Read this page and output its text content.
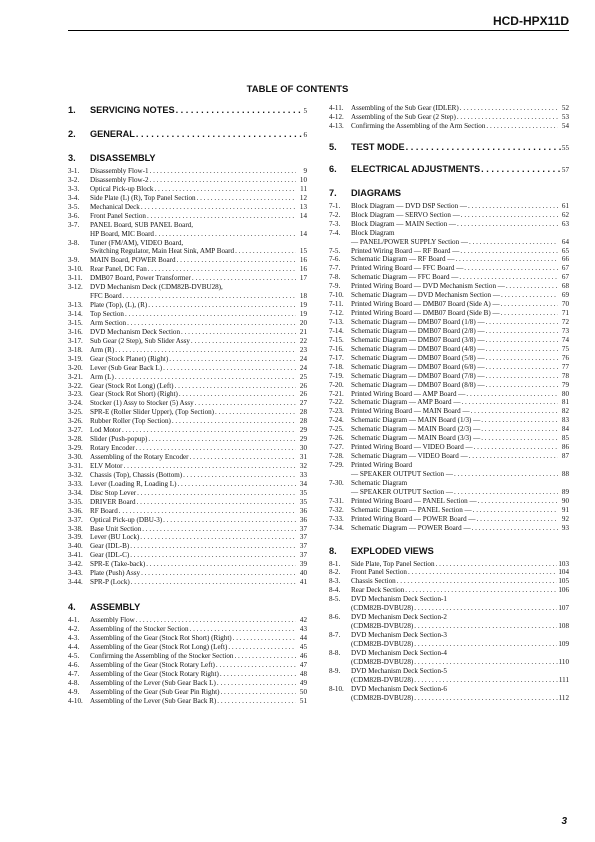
HCD-HPX11D
TABLE OF CONTENTS
1.	SERVICING NOTES . . .	5
2.	GENERAL . . .	6
3.	DISASSEMBLY
3-1.	Disassembly Flow-1 . . .	9
3-2.	Disassembly Flow-2 . . .	10
3-3.	Optical Pick-up Block . . .	11
3-4.	Side Plate (L) (R), Top Panel Section . . .	12
3-5.	Mechanical Deck . . .	13
3-6.	Front Panel Section . . .	14
3-7.	PANEL Board, SUB PANEL Board,
HP Board, MIC Board . . .	14
3-8.	Tuner (FM/AM), VIDEO Board,
Switching Regulator, Main Heat Sink, AMP Board . . .	15
3-9.	MAIN Board, POWER Board . . .	16
3-10.	Rear Panel, DC Fan . . .	16
3-11.	DMB07 Board, Power Transformer . . .	17
3-12.	DVD Mechanism Deck (CDM82B-DVBU28),
FFC Board . . .	18
3-13.	Plate (Top), (L), (R) . . .	19
3-14.	Top Section . . .	19
3-15.	Arm Section . . .	20
3-16.	DVD Mechanism Deck Section . . .	21
3-17.	Sub Gear (2 Step), Sub Slider Assy . . .	22
3-18.	Arm (R) . . .	23
3-19.	Gear (Stock Planet) (Right) . . .	24
3-20.	Lever (Sub Gear Back L) . . .	24
3-21.	Arm (L) . . .	25
3-22.	Gear (Stock Rot Long) (Left) . . .	26
3-23.	Gear (Stock Rot Short) (Right) . . .	26
3-24.	Stocker (1) Assy to Stocker (5) Assy . . .	27
3-25.	SPR-E (Roller Slider Upper), (Top Section) . . .	28
3-26.	Rubber Roller (Top Section) . . .	28
3-27.	Lod Motor . . .	29
3-28.	Slider (Push-popup) . . .	29
3-29.	Rotary Encoder . . .	30
3-30.	Assembling of the Rotary Encoder . . .	31
3-31.	ELV Motor . . .	32
3-32.	Chassis (Top), Chassis (Bottom) . . .	33
3-33.	Lever (Loading R, Loading L) . . .	34
3-34.	Disc Stop Lever . . .	35
3-35.	DRIVER Board . . .	35
3-36.	RF Board . . .	36
3-37.	Optical Pick-up (DBU-3) . . .	36
3-38.	Base Unit Section . . .	37
3-39.	Lever (BU Lock) . . .	37
3-40.	Gear (IDL-B) . . .	37
3-41.	Gear (IDL-C) . . .	37
3-42.	SPR-E (Take-back) . . .	39
3-43.	Plate (Push) Assy . . .	40
3-44.	SPR-P (Lock) . . .	41
4.	ASSEMBLY
4-1.	Assembly Flow . . .	42
4-2.	Assembling of the Stocker Section . . .	43
4-3.	Assembling of the Gear (Stock Rot Short) (Right) . . .	44
4-4.	Assembling of the Gear (Stock Rot Long) (Left) . . .	45
4-5.	Confirming the Assembling of the Stocker Section . . .	46
4-6.	Assembling of the Gear (Stock Rotary Left) . . .	47
4-7.	Assembling of the Gear (Stock Rotary Right) . . .	48
4-8.	Assembling of the Lever (Sub Gear Back L) . . .	49
4-9.	Assembling of the Gear (Sub Gear Pin Right) . . .	50
4-10.	Assembling of the Lever (Sub Gear Back R) . . .	51
4-11.	Assembling of the Sub Gear (IDLER) . . .	52
4-12.	Assembling of the Sub Gear (2 Step) . . .	53
4-13.	Confirming the Assembling of the Arm Section . . .	54
5.	TEST MODE . . .	55
6.	ELECTRICAL ADJUSTMENTS . . .	57
7.	DIAGRAMS
7-1.	Block Diagram — DVD DSP Section — . . .	61
7-2.	Block Diagram — SERVO Section — . . .	62
7-3.	Block Diagram — MAIN Section — . . .	63
7-4.	Block Diagram
— PANEL/POWER SUPPLY Section — . . .	64
7-5.	Printed Wiring Board — RF Board — . . .	65
7-6.	Schematic Diagram — RF Board — . . .	66
7-7.	Printed Wiring Board — FFC Board — . . .	67
7-8.	Schematic Diagram — FFC Board — . . .	67
7-9.	Printed Wiring Board — DVD Mechanism Section — . . .	68
7-10.	Schematic Diagram — DVD Mechanism Section — . . .	69
7-11.	Printed Wiring Board — DMB07 Board (Side A) — . . .	70
7-12.	Printed Wiring Board — DMB07 Board (Side B) — . . .	71
7-13.	Schematic Diagram — DMB07 Board (1/8) — . . .	72
7-14.	Schematic Diagram — DMB07 Board (2/8) — . . .	73
7-15.	Schematic Diagram — DMB07 Board (3/8) — . . .	74
7-16.	Schematic Diagram — DMB07 Board (4/8) — . . .	75
7-17.	Schematic Diagram — DMB07 Board (5/8) — . . .	76
7-18.	Schematic Diagram — DMB07 Board (6/8) — . . .	77
7-19.	Schematic Diagram — DMB07 Board (7/8) — . . .	78
7-20.	Schematic Diagram — DMB07 Board (8/8) — . . .	79
7-21.	Printed Wiring Board — AMP Board — . . .	80
7-22.	Schematic Diagram — AMP Board — . . .	81
7-23.	Printed Wiring Board — MAIN Board — . . .	82
7-24.	Schematic Diagram — MAIN Board (1/3) — . . .	83
7-25.	Schematic Diagram — MAIN Board (2/3) — . . .	84
7-26.	Schematic Diagram — MAIN Board (3/3) — . . .	85
7-27.	Printed Wiring Board — VIDEO Board — . . .	86
7-28.	Schematic Diagram — VIDEO Board — . . .	87
7-29.	Printed Wiring Board
— SPEAKER OUTPUT Section — . . .	88
7-30.	Schematic Diagram
— SPEAKER OUTPUT Section — . . .	89
7-31.	Printed Wiring Board — PANEL Section — . . .	90
7-32.	Schematic Diagram — PANEL Section — . . .	91
7-33.	Printed Wiring Board — POWER Board — . . .	92
7-34.	Schematic Diagram — POWER Board — . . .	93
8.	EXPLODED VIEWS
8-1.	Side Plate, Top Panel Section . . .	103
8-2.	Front Panel Section . . .	104
8-3.	Chassis Section . . .	105
8-4.	Rear Deck Section . . .	106
8-5.	DVD Mechanism Deck Section-1
(CDM82B-DVBU28) . . .	107
8-6.	DVD Mechanism Deck Section-2
(CDM82B-DVBU28) . . .	108
8-7.	DVD Mechanism Deck Section-3
(CDM82B-DVBU28) . . .	109
8-8.	DVD Mechanism Deck Section-4
(CDM82B-DVBU28) . . .	110
8-9.	DVD Mechanism Deck Section-5
(CDM82B-DVBU28) . . .	111
8-10.	DVD Mechanism Deck Section-6
(CDM82B-DVBU28) . . .	112
3
